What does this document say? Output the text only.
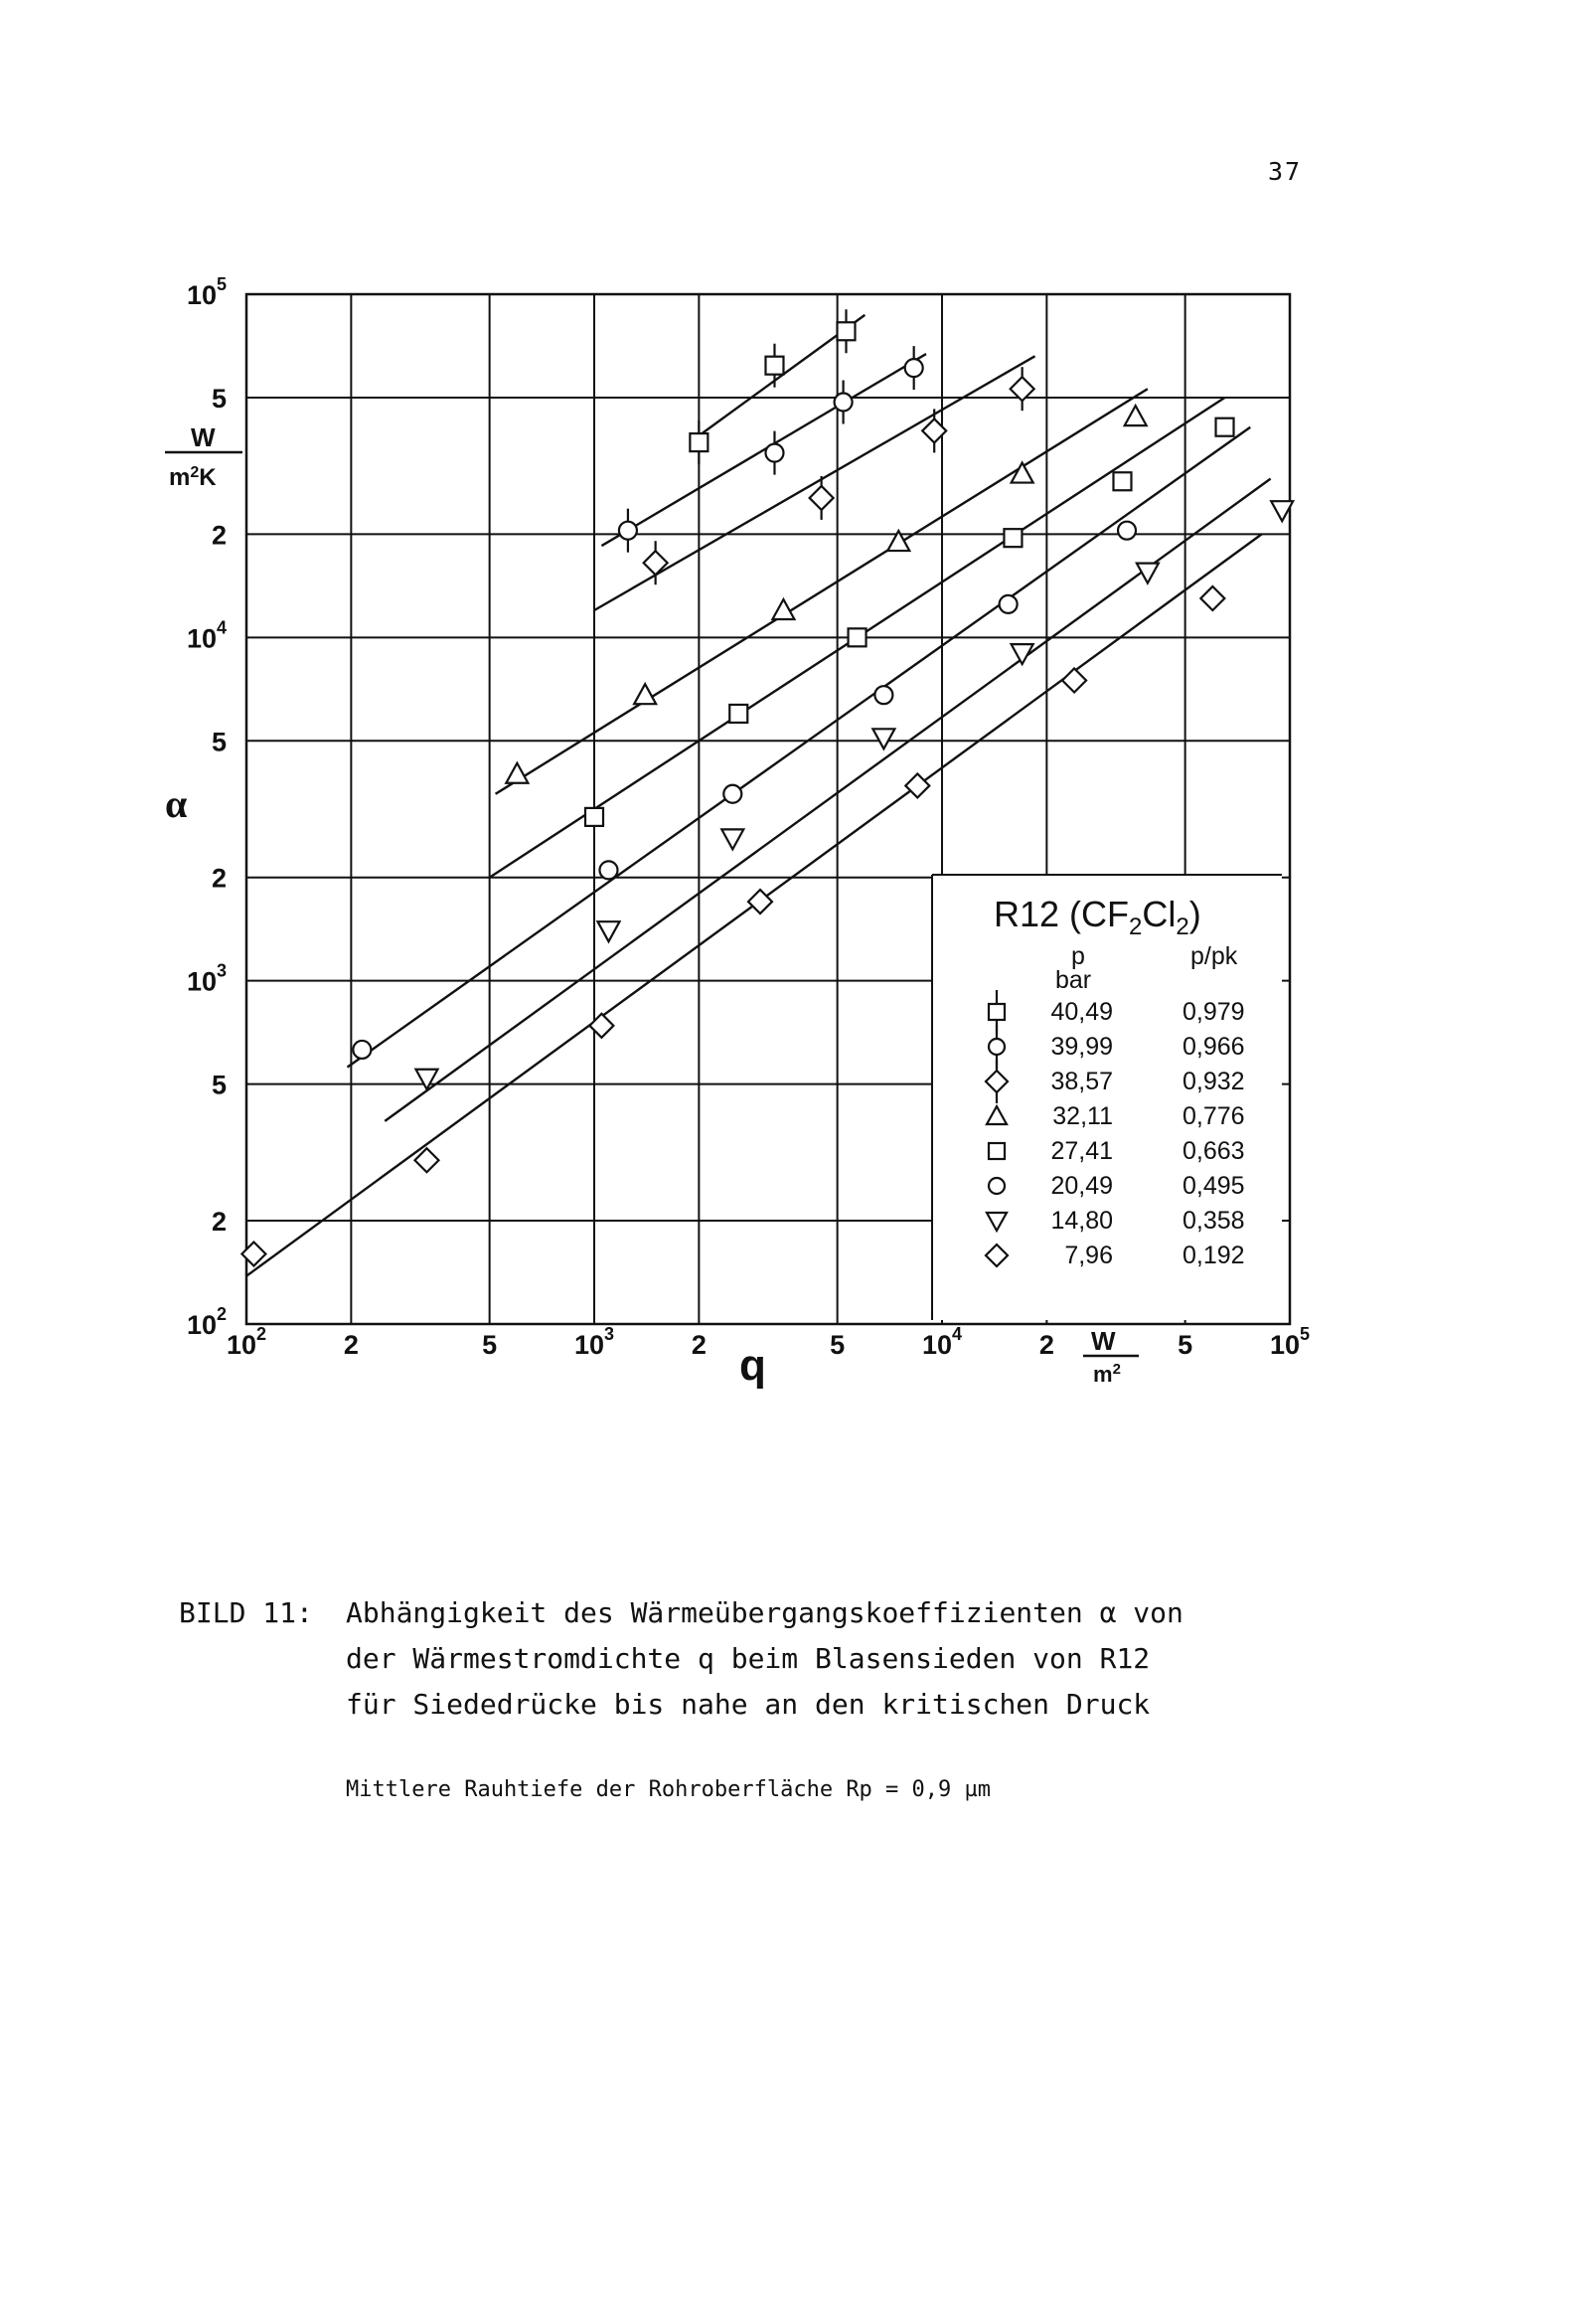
37
$10^2$	2	5	$10^3$	2	5	$10^4$	2	5	$10^5$
$10^2$
2
5
$10^3$
2
5
$10^4$
2
5
$10^5$
α
q
W
$m^2K$
W
$m^2$
R12 $(CF_2Cl_2)$
p
bar
p/pk
40,49	0,979
39,99	0,966
38,57	0,932
32,11	0,776
27,41	0,663
20,49	0,495
14,80	0,358
7,96	0,192
BILD 11: Abhängigkeit des Wärmeübergangskoeffizienten α von
der Wärmestromdichte q beim Blasensieden von R12
für Siededrücke bis nahe an den kritischen Druck
Mittlere Rauhtiefe der Rohroberfläche Rp = 0,9 µm
